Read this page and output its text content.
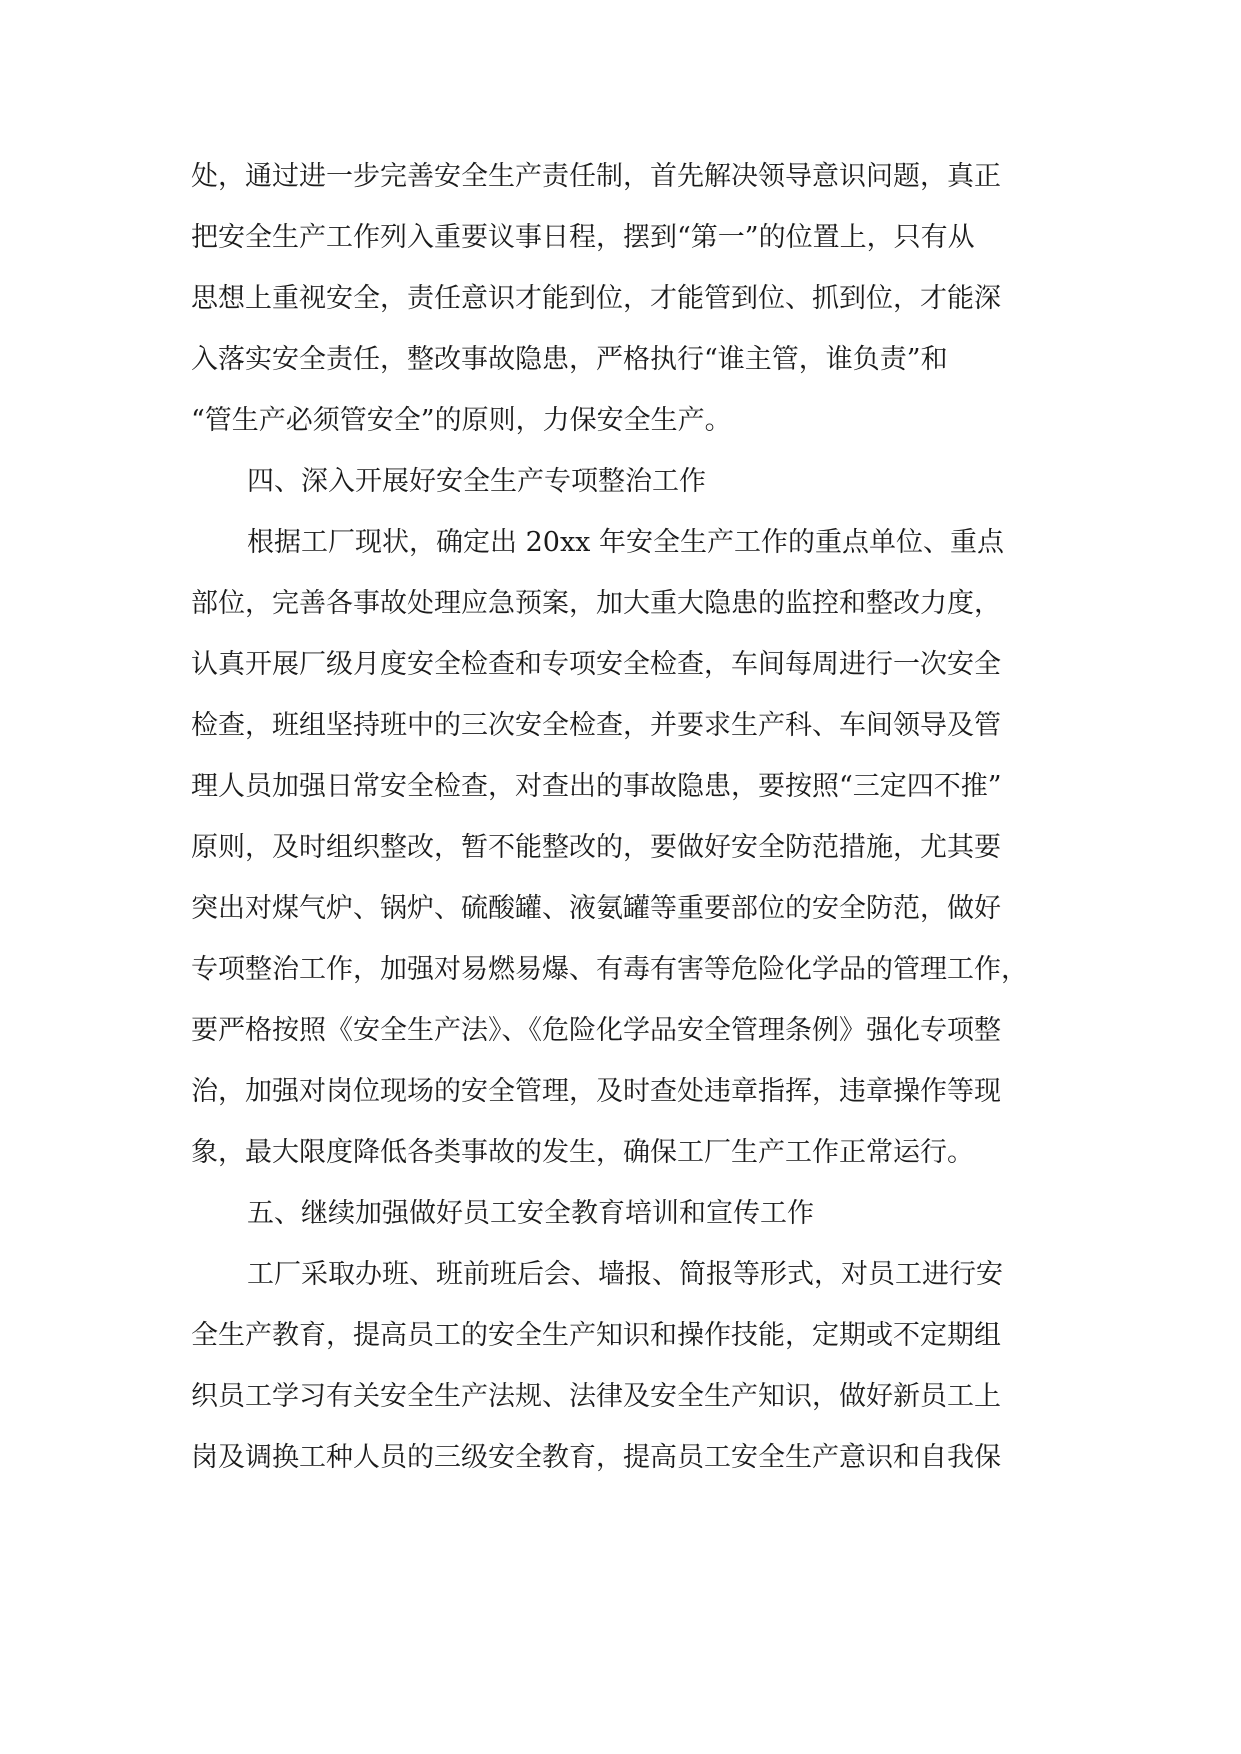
处，通过进一步完善安全生产责任制，首先解决领导意识问题，真正
把安全生产工作列入重要议事日程，摆到“第一”的位置上，只有从
思想上重视安全，责任意识才能到位，才能管到位、抓到位，才能深
入落实安全责任，整改事故隐患，严格执行“谁主管，谁负责”和
“管生产必须管安全”的原则，力保安全生产。
四、深入开展好安全生产专项整治工作
根据工厂现状，确定出 20xx 年安全生产工作的重点单位、重点
部位，完善各事故处理应急预案，加大重大隐患的监控和整改力度，
认真开展厂级月度安全检查和专项安全检查，车间每周进行一次安全
检查，班组坚持班中的三次安全检查，并要求生产科、车间领导及管
理人员加强日常安全检查，对查出的事故隐患，要按照“三定四不推”
原则，及时组织整改，暂不能整改的，要做好安全防范措施，尤其要
突出对煤气炉、锅炉、硫酸罐、液氨罐等重要部位的安全防范，做好
专项整治工作，加强对易燃易爆、有毒有害等危险化学品的管理工作，
要严格按照《安全生产法》、《危险化学品安全管理条例》强化专项整
治，加强对岗位现场的安全管理，及时查处违章指挥，违章操作等现
象，最大限度降低各类事故的发生，确保工厂生产工作正常运行。
五、继续加强做好员工安全教育培训和宣传工作
工厂采取办班、班前班后会、墙报、简报等形式，对员工进行安
全生产教育，提高员工的安全生产知识和操作技能，定期或不定期组
织员工学习有关安全生产法规、法律及安全生产知识，做好新员工上
岗及调换工种人员的三级安全教育，提高员工安全生产意识和自我保
